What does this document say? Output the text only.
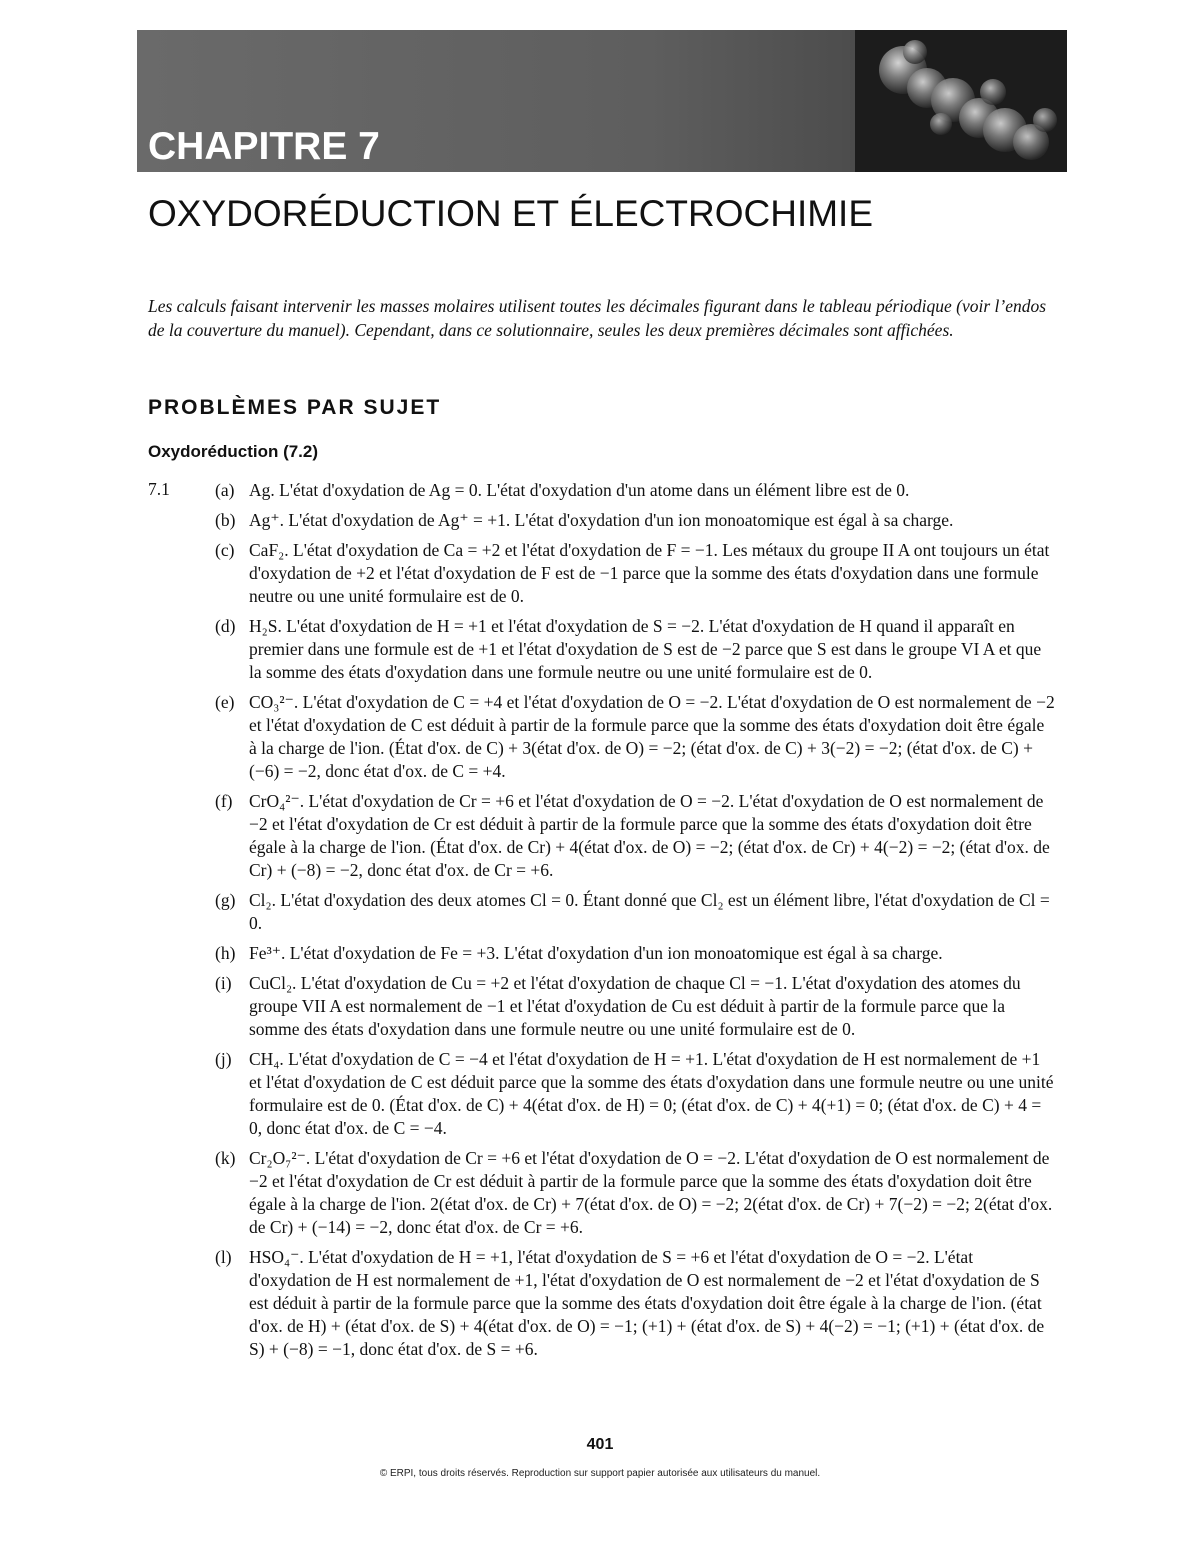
CHAPITRE 7
OXYDORÉDUCTION ET ÉLECTROCHIMIE

Les calculs faisant intervenir les masses molaires utilisent toutes les décimales figurant dans le tableau périodique (voir l’endos de la couverture du manuel). Cependant, dans ce solutionnaire, seules les deux premières décimales sont affichées.

PROBLÈMES PAR SUJET
Oxydoréduction (7.2)
7.1	(a) Ag. L'état d'oxydation de Ag = 0. L'état d'oxydation d'un atome dans un élément libre est de 0.
(b) Ag⁺. L'état d'oxydation de Ag⁺ = +1. L'état d'oxydation d'un ion monoatomique est égal à sa charge.
(c) CaF₂. L'état d'oxydation de Ca = +2 et l'état d'oxydation de F = −1. Les métaux du groupe II A ont toujours un état d'oxydation de +2 et l'état d'oxydation de F est de −1 parce que la somme des états d'oxydation dans une formule neutre ou une unité formulaire est de 0.
(d) H₂S. L'état d'oxydation de H = +1 et l'état d'oxydation de S = −2. L'état d'oxydation de H quand il apparaît en premier dans une formule est de +1 et l'état d'oxydation de S est de −2 parce que S est dans le groupe VI A et que la somme des états d'oxydation dans une formule neutre ou une unité formulaire est de 0.
(e) CO₃²⁻. L'état d'oxydation de C = +4 et l'état d'oxydation de O = −2. L'état d'oxydation de O est normalement de −2 et l'état d'oxydation de C est déduit à partir de la formule parce que la somme des états d'oxydation doit être égale à la charge de l'ion. (État d'ox. de C) + 3(état d'ox. de O) = −2; (état d'ox. de C) + 3(−2) = −2; (état d'ox. de C) + (−6) = −2, donc état d'ox. de C = +4.
(f) CrO₄²⁻. L'état d'oxydation de Cr = +6 et l'état d'oxydation de O = −2. L'état d'oxydation de O est normalement de −2 et l'état d'oxydation de Cr est déduit à partir de la formule parce que la somme des états d'oxydation doit être égale à la charge de l'ion. (État d'ox. de Cr) + 4(état d'ox. de O) = −2; (état d'ox. de Cr) + 4(−2) = −2; (état d'ox. de Cr) + (−8) = −2, donc état d'ox. de Cr = +6.
(g) Cl₂. L'état d'oxydation des deux atomes Cl = 0. Étant donné que Cl₂ est un élément libre, l'état d'oxydation de Cl = 0.
(h) Fe³⁺. L'état d'oxydation de Fe = +3. L'état d'oxydation d'un ion monoatomique est égal à sa charge.
(i) CuCl₂. L'état d'oxydation de Cu = +2 et l'état d'oxydation de chaque Cl = −1. L'état d'oxydation des atomes du groupe VII A est normalement de −1 et l'état d'oxydation de Cu est déduit à partir de la formule parce que la somme des états d'oxydation dans une formule neutre ou une unité formulaire est de 0.
(j) CH₄. L'état d'oxydation de C = −4 et l'état d'oxydation de H = +1. L'état d'oxydation de H est normalement de +1 et l'état d'oxydation de C est déduit parce que la somme des états d'oxydation dans une formule neutre ou une unité formulaire est de 0. (État d'ox. de C) + 4(état d'ox. de H) = 0; (état d'ox. de C) + 4(+1) = 0; (état d'ox. de C) + 4 = 0, donc état d'ox. de C = −4.
(k) Cr₂O₇²⁻. L'état d'oxydation de Cr = +6 et l'état d'oxydation de O = −2. L'état d'oxydation de O est normalement de −2 et l'état d'oxydation de Cr est déduit à partir de la formule parce que la somme des états d'oxydation doit être égale à la charge de l'ion. 2(état d'ox. de Cr) + 7(état d'ox. de O) = −2; 2(état d'ox. de Cr) + 7(−2) = −2; 2(état d'ox. de Cr) + (−14) = −2, donc état d'ox. de Cr = +6.
(l) HSO₄⁻. L'état d'oxydation de H = +1, l'état d'oxydation de S = +6 et l'état d'oxydation de O = −2. L'état d'oxydation de H est normalement de +1, l'état d'oxydation de O est normalement de −2 et l'état d'oxydation de S est déduit à partir de la formule parce que la somme des états d'oxydation doit être égale à la charge de l'ion. (état d'ox. de H) + (état d'ox. de S) + 4(état d'ox. de O) = −1; (+1) + (état d'ox. de S) + 4(−2) = −1; (+1) + (état d'ox. de S) + (−8) = −1, donc état d'ox. de S = +6.
401
© ERPI, tous droits réservés. Reproduction sur support papier autorisée aux utilisateurs du manuel.
